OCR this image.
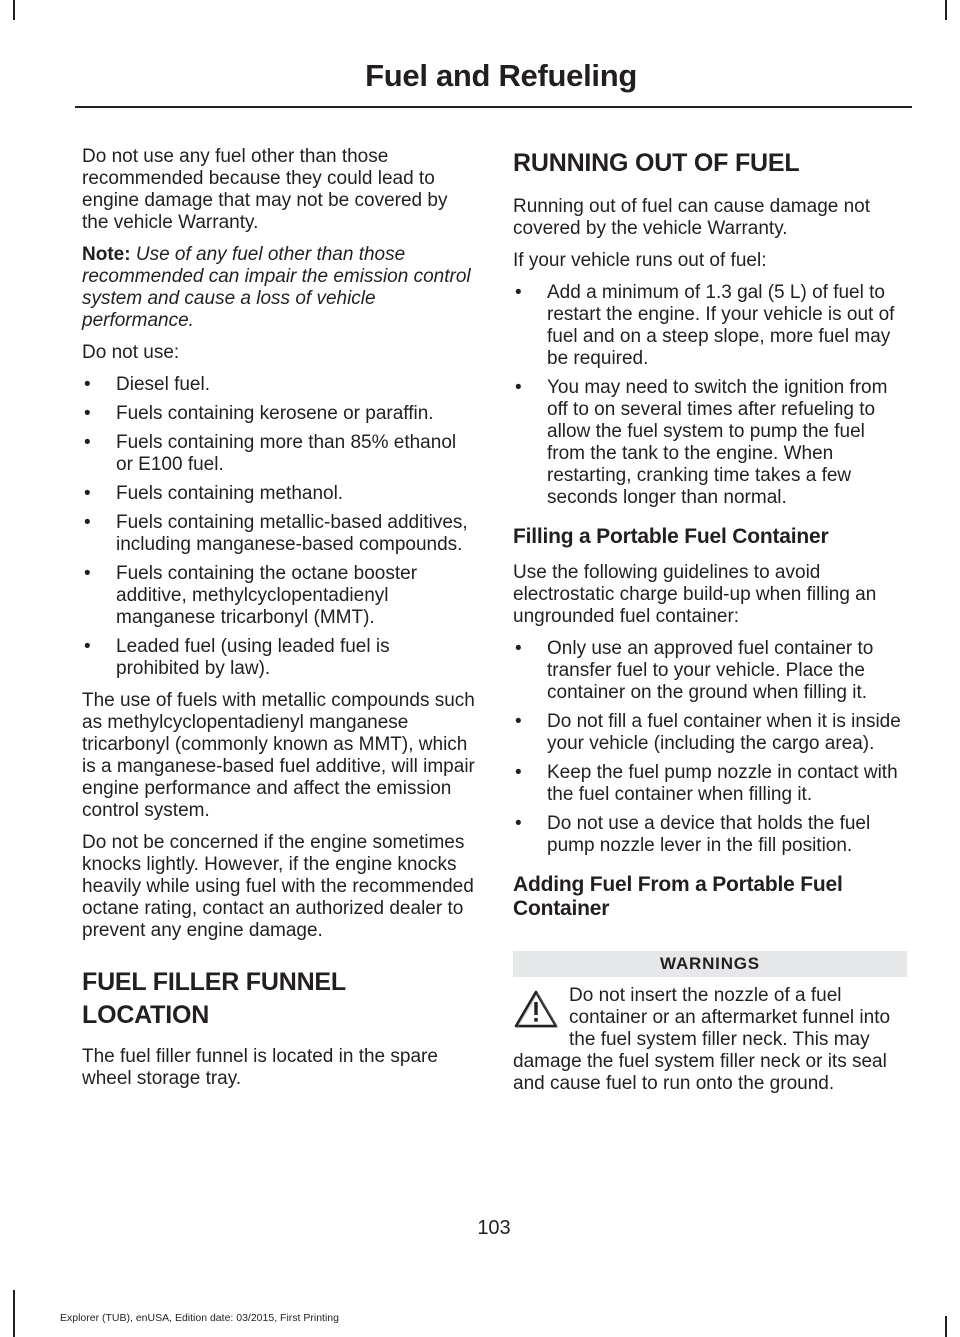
Fuel and Refueling

Do not use any fuel other than those recommended because they could lead to engine damage that may not be covered by the vehicle Warranty.

Note: Use of any fuel other than those recommended can impair the emission control system and cause a loss of vehicle performance.

Do not use:

• Diesel fuel.
• Fuels containing kerosene or paraffin.
• Fuels containing more than 85% ethanol or E100 fuel.
• Fuels containing methanol.
• Fuels containing metallic-based additives, including manganese-based compounds.
• Fuels containing the octane booster additive, methylcyclopentadienyl manganese tricarbonyl (MMT).
• Leaded fuel (using leaded fuel is prohibited by law).

The use of fuels with metallic compounds such as methylcyclopentadienyl manganese tricarbonyl (commonly known as MMT), which is a manganese-based fuel additive, will impair engine performance and affect the emission control system.

Do not be concerned if the engine sometimes knocks lightly. However, if the engine knocks heavily while using fuel with the recommended octane rating, contact an authorized dealer to prevent any engine damage.

FUEL FILLER FUNNEL
LOCATION

The fuel filler funnel is located in the spare wheel storage tray.

RUNNING OUT OF FUEL

Running out of fuel can cause damage not covered by the vehicle Warranty.

If your vehicle runs out of fuel:

• Add a minimum of 1.3 gal (5 L) of fuel to restart the engine. If your vehicle is out of fuel and on a steep slope, more fuel may be required.
• You may need to switch the ignition from off to on several times after refueling to allow the fuel system to pump the fuel from the tank to the engine. When restarting, cranking time takes a few seconds longer than normal.
Filling a Portable Fuel Container

Use the following guidelines to avoid electrostatic charge build-up when filling an ungrounded fuel container:

• Only use an approved fuel container to transfer fuel to your vehicle. Place the container on the ground when filling it.
• Do not fill a fuel container when it is inside your vehicle (including the cargo area).
• Keep the fuel pump nozzle in contact with the fuel container when filling it.
• Do not use a device that holds the fuel pump nozzle lever in the fill position.
Adding Fuel From a Portable Fuel Container
WARNINGS
Do not insert the nozzle of a fuel container or an aftermarket funnel into the fuel system filler neck. This may damage the fuel system filler neck or its seal and cause fuel to run onto the ground.
103
Explorer (TUB), enUSA, Edition date: 03/2015, First Printing
